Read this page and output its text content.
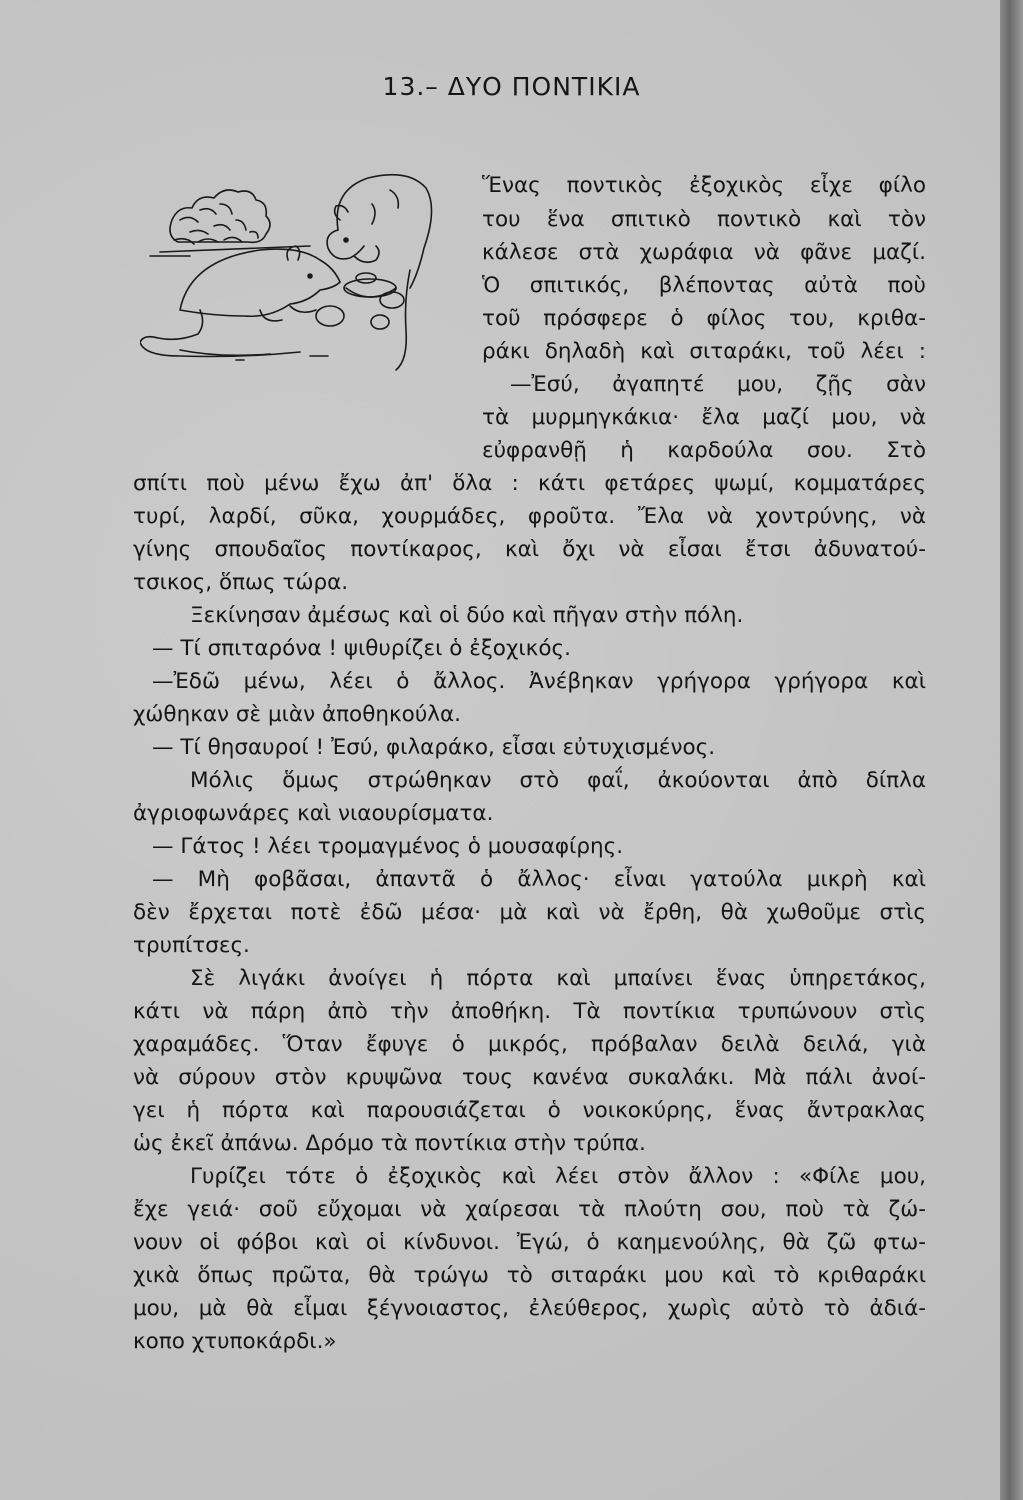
13.– ΔΥΟ ΠΟΝΤΙΚΙΑ

Ἕνας ποντικὸς ἐξοχικὸς εἶχε φίλο

του ἕνα σπιτικὸ ποντικὸ καὶ τὸν

κάλεσε στὰ χωράφια νὰ φᾶνε μαζί.

Ὁ σπιτικός, βλέποντας αὐτὰ ποὺ

τοῦ πρόσφερε ὁ φίλος του, κριθα-

ράκι δηλαδὴ καὶ σιταράκι, τοῦ λέει :

—Ἐσύ, ἀγαπητέ μου, ζῇς σὰν

τὰ μυρμηγκάκια· ἔλα μαζί μου, νὰ

εὐφρανθῇ ἡ καρδούλα σου. Στὸ

σπίτι ποὺ μένω ἔχω ἀπ' ὅλα : κάτι φετάρες ψωμί, κομματάρες

τυρί, λαρδί, σῦκα, χουρμάδες, φροῦτα. Ἔλα νὰ χοντρύνης, νὰ

γίνης σπουδαῖος ποντίκαρος, καὶ ὄχι νὰ εἶσαι ἔτσι ἀδυνατού-

τσικος, ὅπως τώρα.

Ξεκίνησαν ἀμέσως καὶ οἱ δύο καὶ πῆγαν στὴν πόλη.

— Τί σπιταρόνα ! ψιθυρίζει ὁ ἐξοχικός.

—Ἐδῶ μένω, λέει ὁ ἄλλος. Ἀνέβηκαν γρήγορα γρήγορα καὶ

χώθηκαν σὲ μιὰν ἀποθηκούλα.

— Τί θησαυροί ! Ἐσύ, φιλαράκο, εἶσαι εὐτυχισμένος.

Μόλις ὅμως στρώθηκαν στὸ φαΐ, ἀκούονται ἀπὸ δίπλα

ἀγριοφωνάρες καὶ νιαουρίσματα.

— Γάτος ! λέει τρομαγμένος ὁ μουσαφίρης.

— Μὴ φοβᾶσαι, ἀπαντᾶ ὁ ἄλλος· εἶναι γατούλα μικρὴ καὶ

δὲν ἔρχεται ποτὲ ἐδῶ μέσα· μὰ καὶ νὰ ἔρθη, θὰ χωθοῦμε στὶς

τρυπίτσες.

Σὲ λιγάκι ἀνοίγει ἡ πόρτα καὶ μπαίνει ἕνας ὑπηρετάκος,

κάτι νὰ πάρη ἀπὸ τὴν ἀποθήκη. Τὰ ποντίκια τρυπώνουν στὶς

χαραμάδες. Ὅταν ἔφυγε ὁ μικρός, πρόβαλαν δειλὰ δειλά, γιὰ

νὰ σύρουν στὸν κρυψῶνα τους κανένα συκαλάκι. Μὰ πάλι ἀνοί-

γει ἡ πόρτα καὶ παρουσιάζεται ὁ νοικοκύρης, ἕνας ἄντρακλας

ὡς ἐκεῖ ἀπάνω. Δρόμο τὰ ποντίκια στὴν τρύπα.

Γυρίζει τότε ὁ ἐξοχικὸς καὶ λέει στὸν ἄλλον : «Φίλε μου,

ἔχε γειά· σοῦ εὔχομαι νὰ χαίρεσαι τὰ πλούτη σου, ποὺ τὰ ζώ-

νουν οἱ φόβοι καὶ οἱ κίνδυνοι. Ἐγώ, ὁ καημενούλης, θὰ ζῶ φτω-

χικὰ ὅπως πρῶτα, θὰ τρώγω τὸ σιταράκι μου καὶ τὸ κριθαράκι

μου, μὰ θὰ εἶμαι ξέγνοιαστος, ἐλεύθερος, χωρὶς αὐτὸ τὸ ἀδιά-

κοπο χτυποκάρδι.»
